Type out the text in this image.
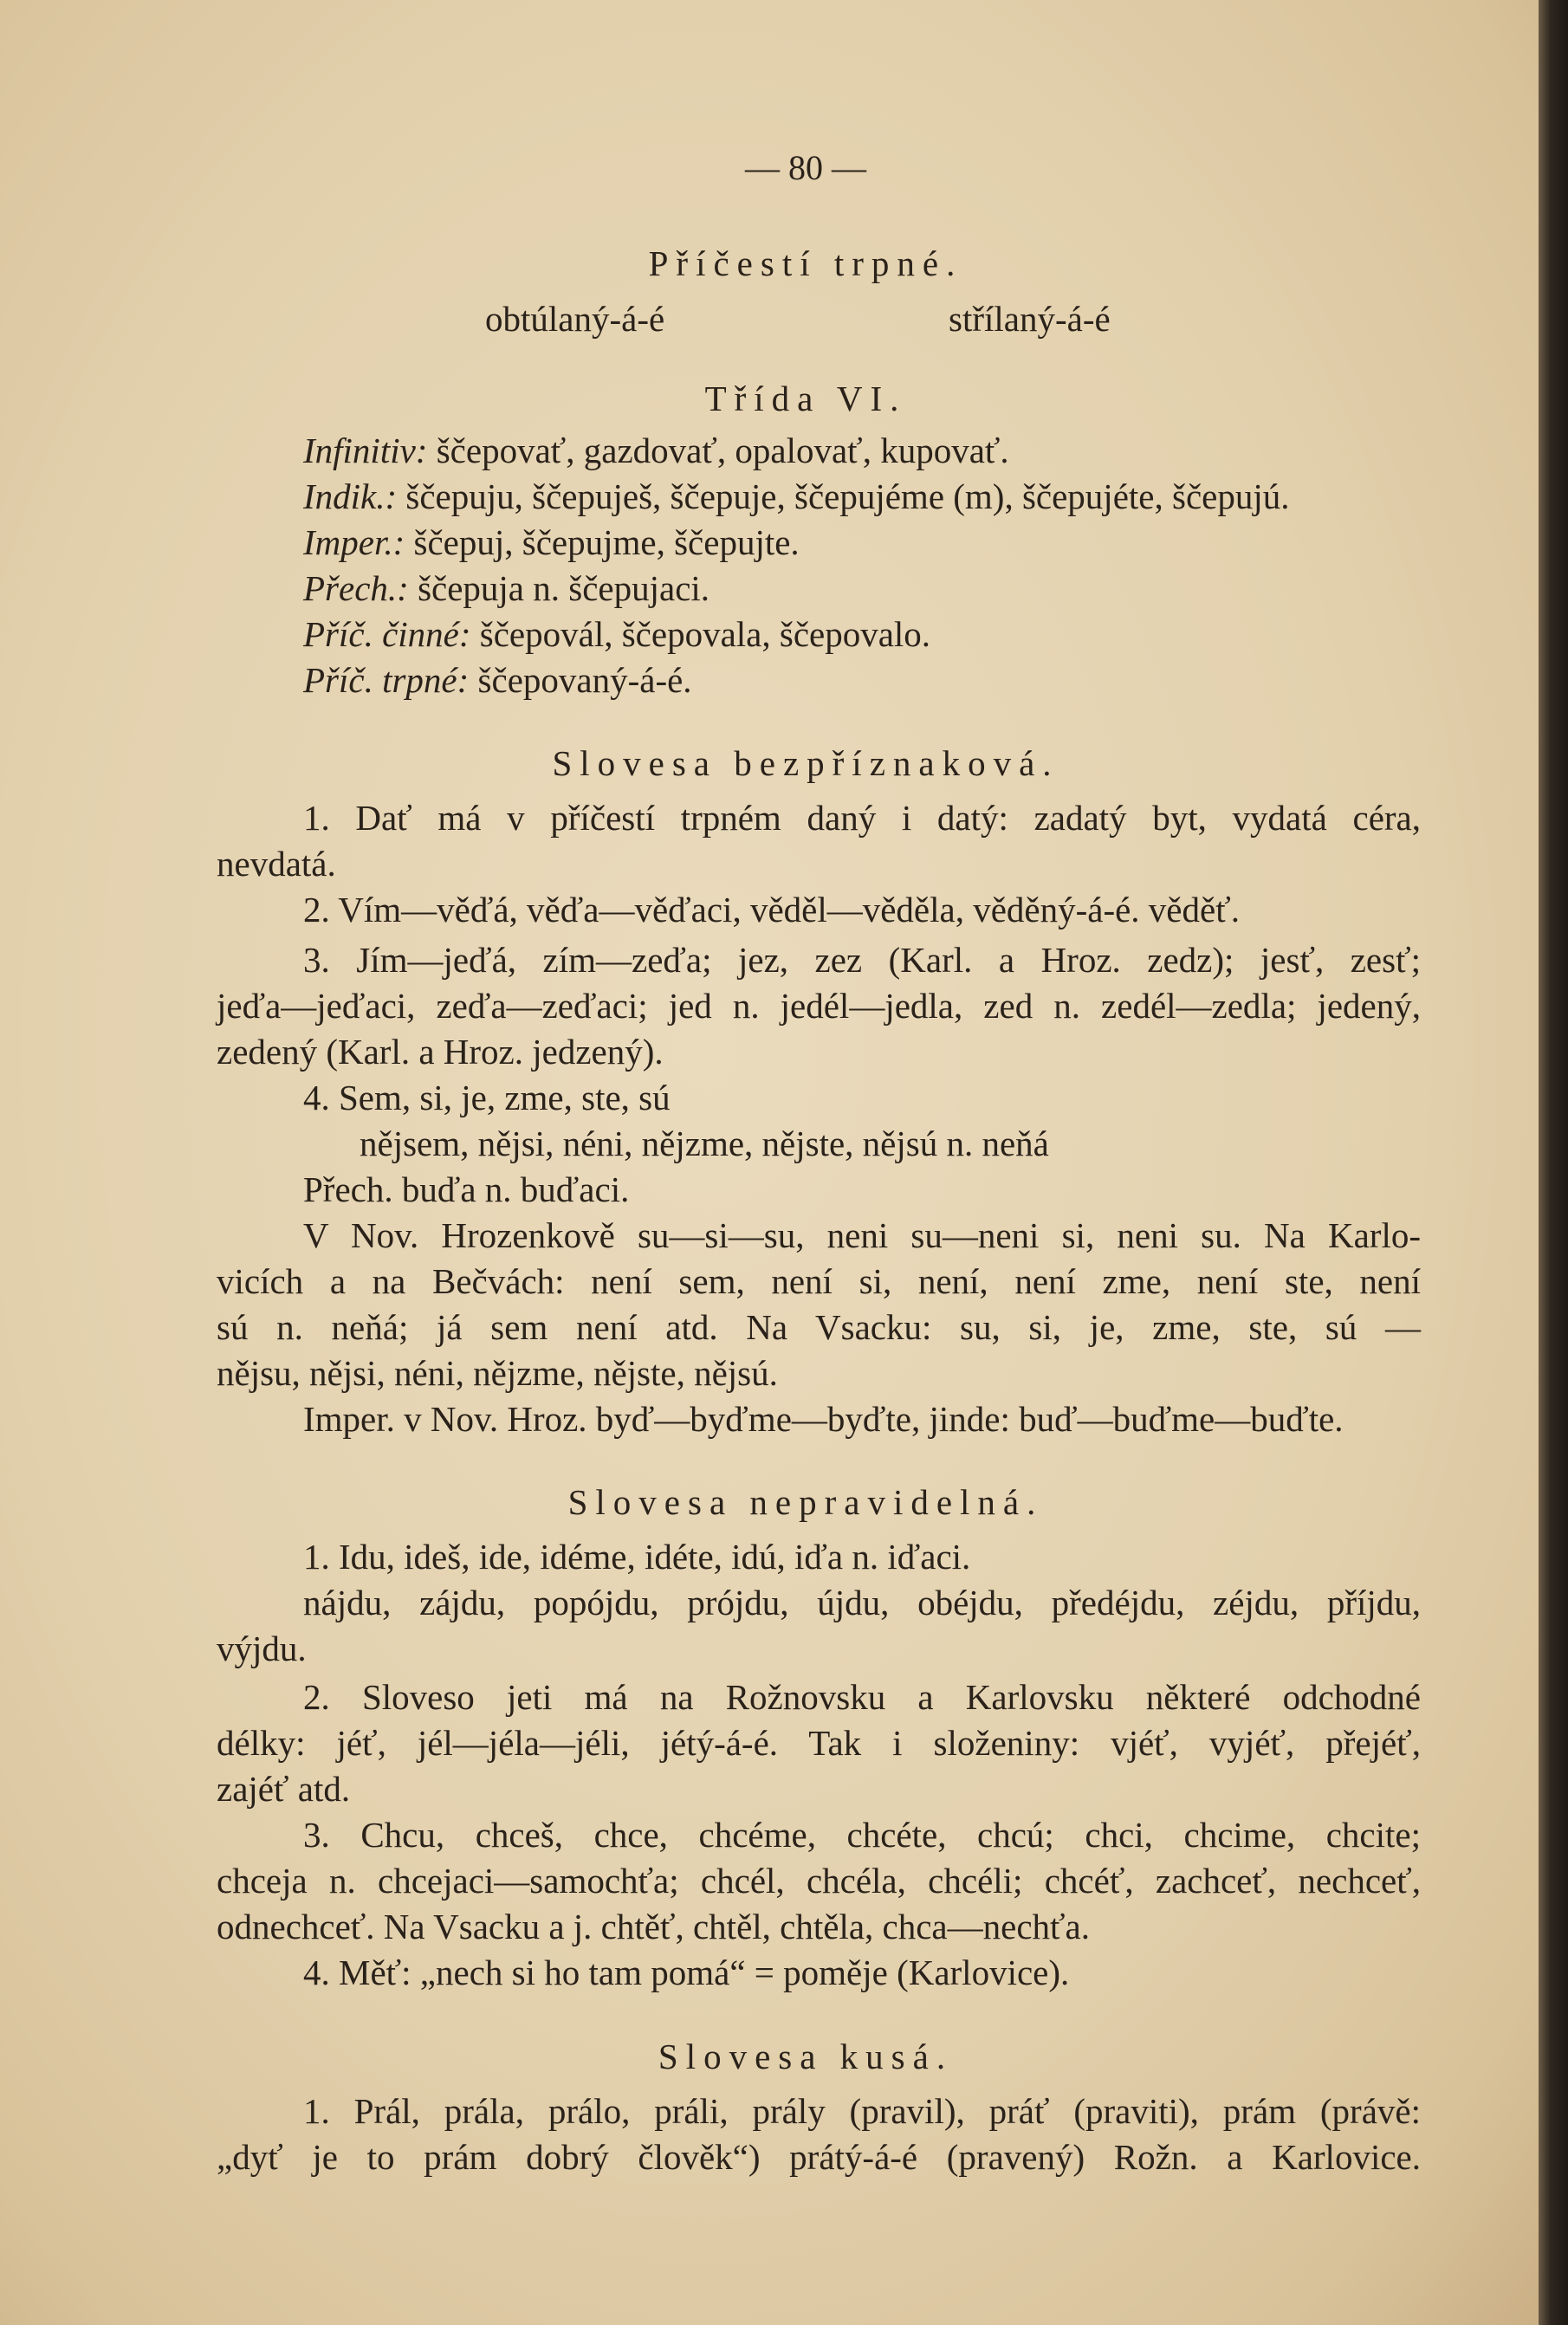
— 80 —
Příčestí trpné.
obtúlaný-á-é	střílaný-á-é
Třída VI.
Infinitiv: ščepovať, gazdovať, opalovať, kupovať.
Indik.: ščepuju, ščepuješ, ščepuje, ščepujéme (m), ščepujéte, ščepujú.
Imper.: ščepuj, ščepujme, ščepujte.
Přech.: ščepuja n. ščepujaci.
Příč. činné: ščepovál, ščepovala, ščepovalo.
Příč. trpné: ščepovaný-á-é.
Slovesa bezpříznaková.
1. Dať má v příčestí trpném daný i datý: zadatý byt, vydatá céra,
nevdatá.
2. Vím—věďá, věďa—věďaci, věděl—věděla, věděný-á-é. věděť.
3. Jím—jeďá, zím—zeďa; jez, zez (Karl. a Hroz. zedz); jesť, zesť;
jeďa—jeďaci, zeďa—zeďaci; jed n. jedél—jedla, zed n. zedél—zedla; jedený,
zedený (Karl. a Hroz. jedzený).
4. Sem, si, je, zme, ste, sú
nějsem, nějsi, néni, nějzme, nějste, nějsú n. neňá
Přech. buďa n. buďaci.
V Nov. Hrozenkově su—si—su, neni su—neni si, neni su. Na Karlo-
vicích a na Bečvách: není sem, není si, není, není zme, není ste, není
sú n. neňá; já sem není atd. Na Vsacku: su, si, je, zme, ste, sú —
nějsu, nějsi, néni, nějzme, nějste, nějsú.
Imper. v Nov. Hroz. byď—byďme—byďte, jinde: buď—buďme—buďte.
Slovesa nepravidelná.
1. Idu, ideš, ide, idéme, idéte, idú, iďa n. iďaci.
nájdu, zájdu, popójdu, prójdu, újdu, obéjdu, předéjdu, zéjdu, příjdu,
výjdu.
2. Sloveso jeti má na Rožnovsku a Karlovsku některé odchodné
délky: jéť, jél—jéla—jéli, jétý-á-é. Tak i složeniny: vjéť, vyjéť, přejéť,
zajéť atd.
3. Chcu, chceš, chce, chcéme, chcéte, chcú; chci, chcime, chcite;
chceja n. chcejaci—samochťa; chcél, chcéla, chcéli; chcéť, zachceť, nechceť,
odnechceť. Na Vsacku a j. chtěť, chtěl, chtěla, chca—nechťa.
4. Měť: „nech si ho tam pomá“ = poměje (Karlovice).
Slovesa kusá.
1. Prál, prála, prálo, práli, prály (pravil), práť (praviti), prám (právě:
„dyť je to prám dobrý člověk“) prátý-á-é (pravený) Rožn. a Karlovice.
